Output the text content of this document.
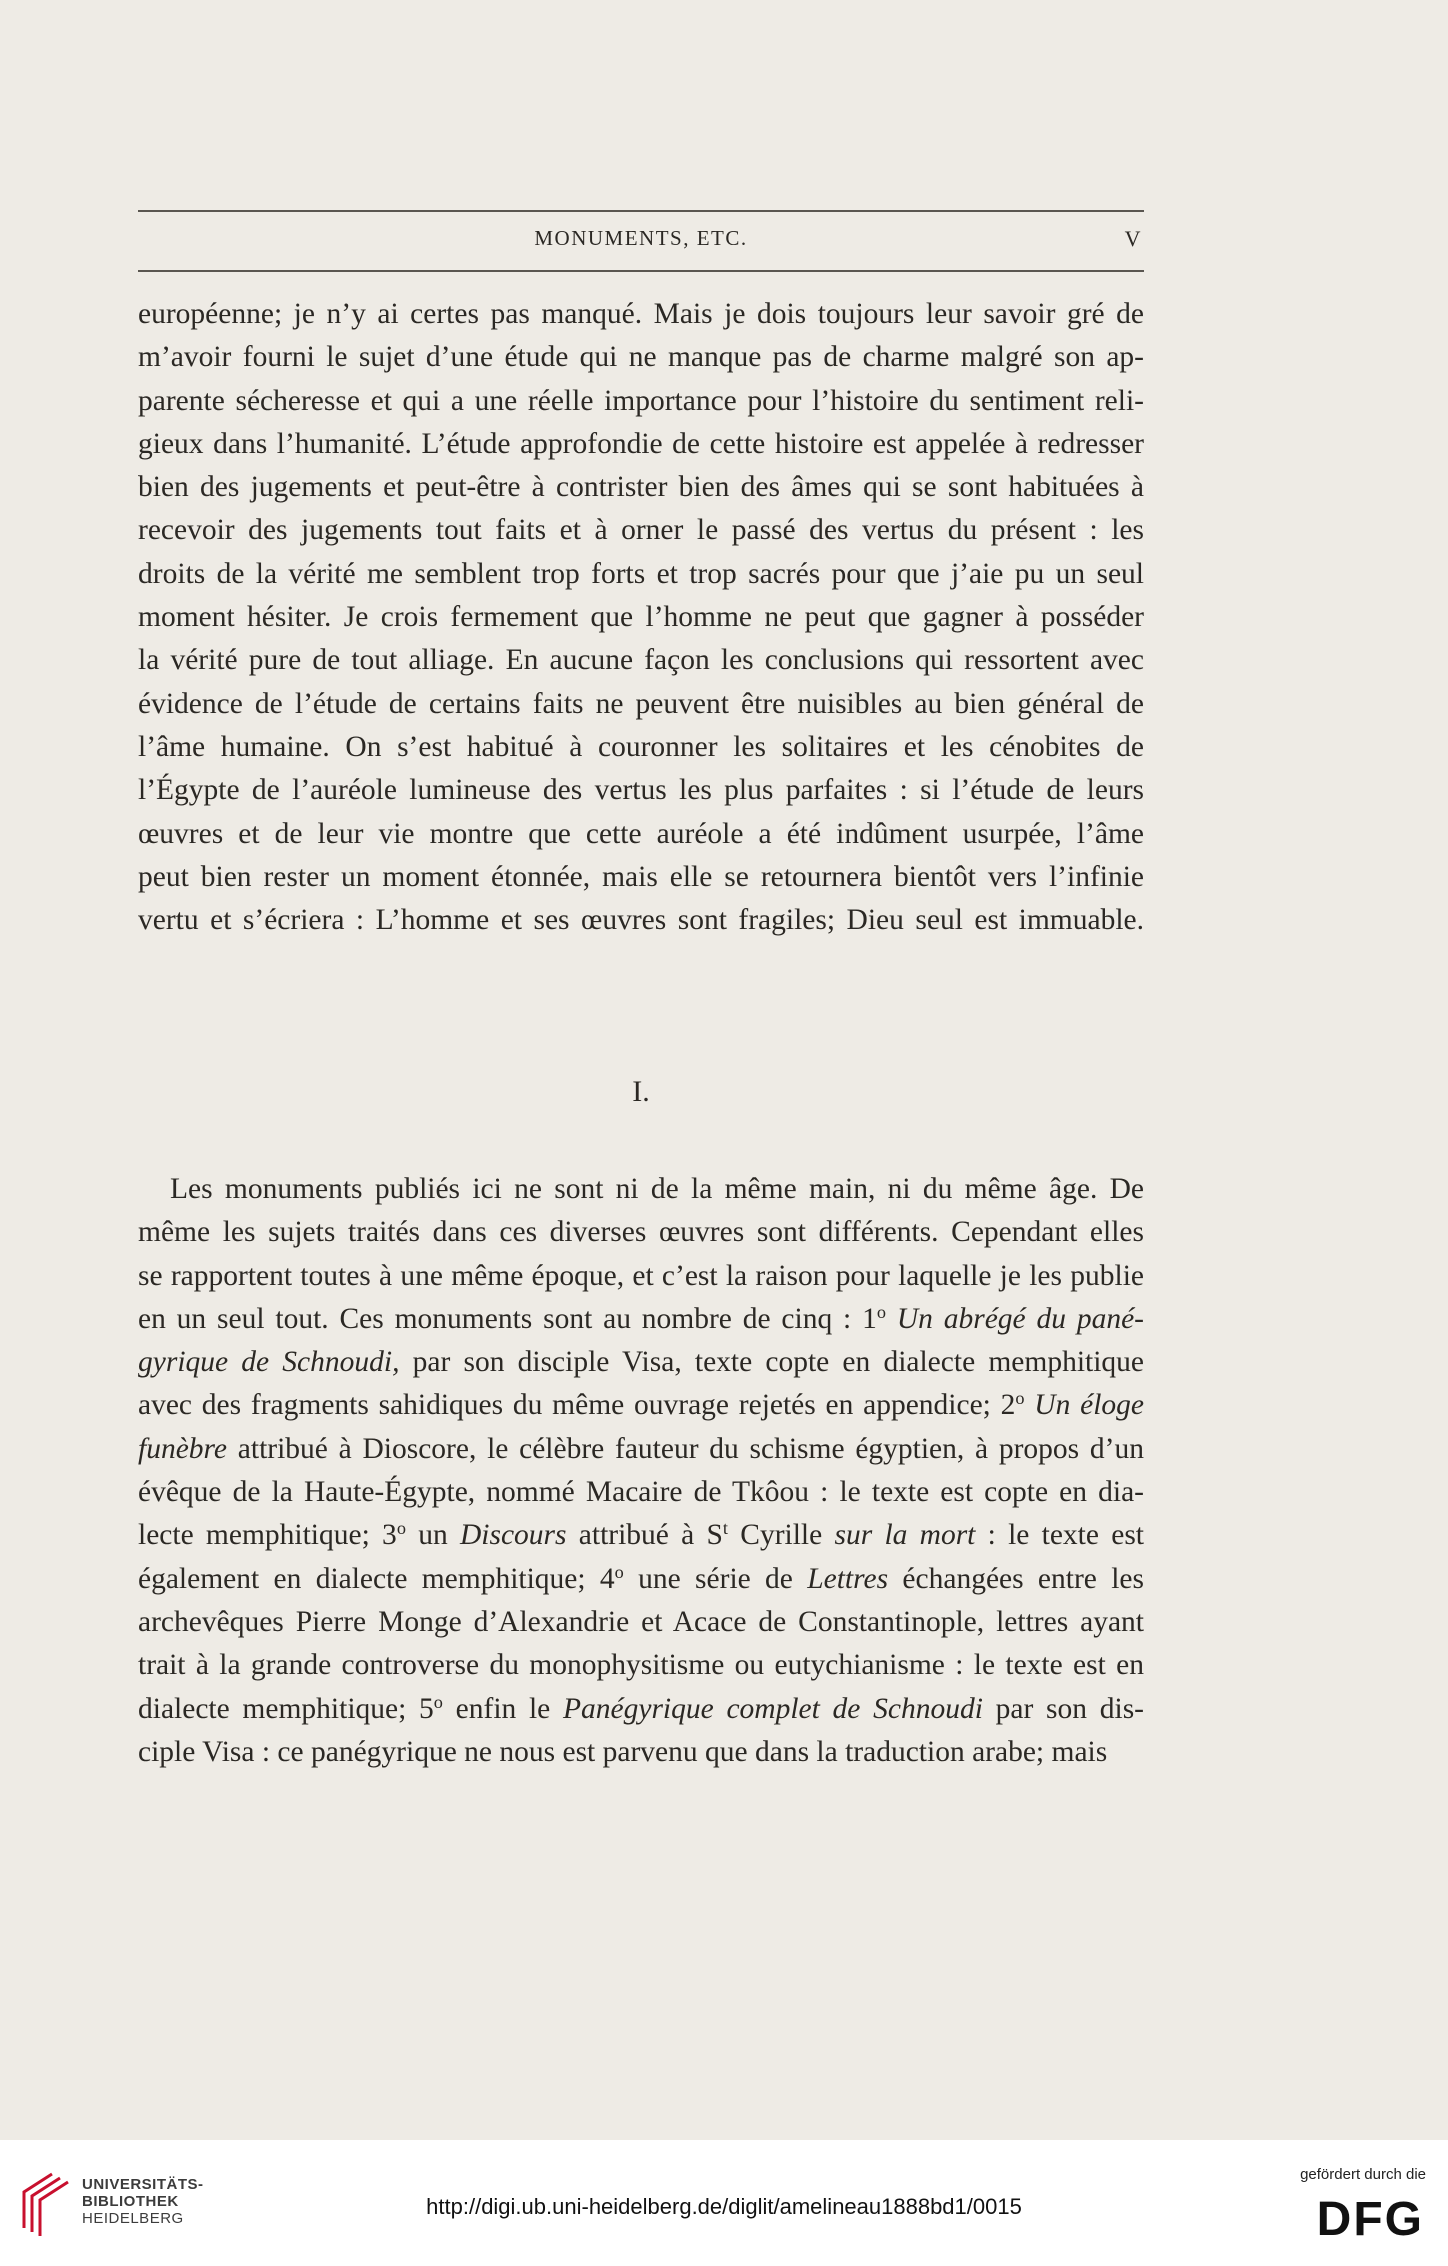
MONUMENTS, ETC.	V
européenne; je n’y ai certes pas manqué. Mais je dois toujours leur savoir gré de
m’avoir fourni le sujet d’une étude qui ne manque pas de charme malgré son ap-
parente sécheresse et qui a une réelle importance pour l’histoire du sentiment reli-
gieux dans l’humanité. L’étude approfondie de cette histoire est appelée à redresser
bien des jugements et peut-être à contrister bien des âmes qui se sont habituées à
recevoir des jugements tout faits et à orner le passé des vertus du présent : les
droits de la vérité me semblent trop forts et trop sacrés pour que j’aie pu un seul
moment hésiter. Je crois fermement que l’homme ne peut que gagner à posséder
la vérité pure de tout alliage. En aucune façon les conclusions qui ressortent avec
évidence de l’étude de certains faits ne peuvent être nuisibles au bien général de
l’âme humaine. On s’est habitué à couronner les solitaires et les cénobites de
l’Égypte de l’auréole lumineuse des vertus les plus parfaites : si l’étude de leurs
œuvres et de leur vie montre que cette auréole a été indûment usurpée, l’âme
peut bien rester un moment étonnée, mais elle se retournera bientôt vers l’infinie
vertu et s’écriera : L’homme et ses œuvres sont fragiles; Dieu seul est immuable.
I.
Les monuments publiés ici ne sont ni de la même main, ni du même âge. De
même les sujets traités dans ces diverses œuvres sont différents. Cependant elles
se rapportent toutes à une même époque, et c’est la raison pour laquelle je les publie
en un seul tout. Ces monuments sont au nombre de cinq : 1$^o$ Un abrégé du pané-
gyrique de Schnoudi, par son disciple Visa, texte copte en dialecte memphitique
avec des fragments sahidiques du même ouvrage rejetés en appendice; 2$^o$ Un éloge
funèbre attribué à Dioscore, le célèbre fauteur du schisme égyptien, à propos d’un
évêque de la Haute-Égypte, nommé Macaire de Tkôou : le texte est copte en dia-
lecte memphitique; 3$^o$ un Discours attribué à $S^t$ Cyrille sur la mort : le texte est
également en dialecte memphitique; 4$^o$ une série de Lettres échangées entre les
archevêques Pierre Monge d’Alexandrie et Acace de Constantinople, lettres ayant
trait à la grande controverse du monophysitisme ou eutychianisme : le texte est en
dialecte memphitique; 5$^o$ enfin le Panégyrique complet de Schnoudi par son dis-
ciple Visa : ce panégyrique ne nous est parvenu que dans la traduction arabe; mais
UNIVERSITÄTS-
BIBLIOTHEK
HEIDELBERG	http://digi.ub.uni-heidelberg.de/diglit/amelineau1888bd1/0015
gefördert durch die
DFG
